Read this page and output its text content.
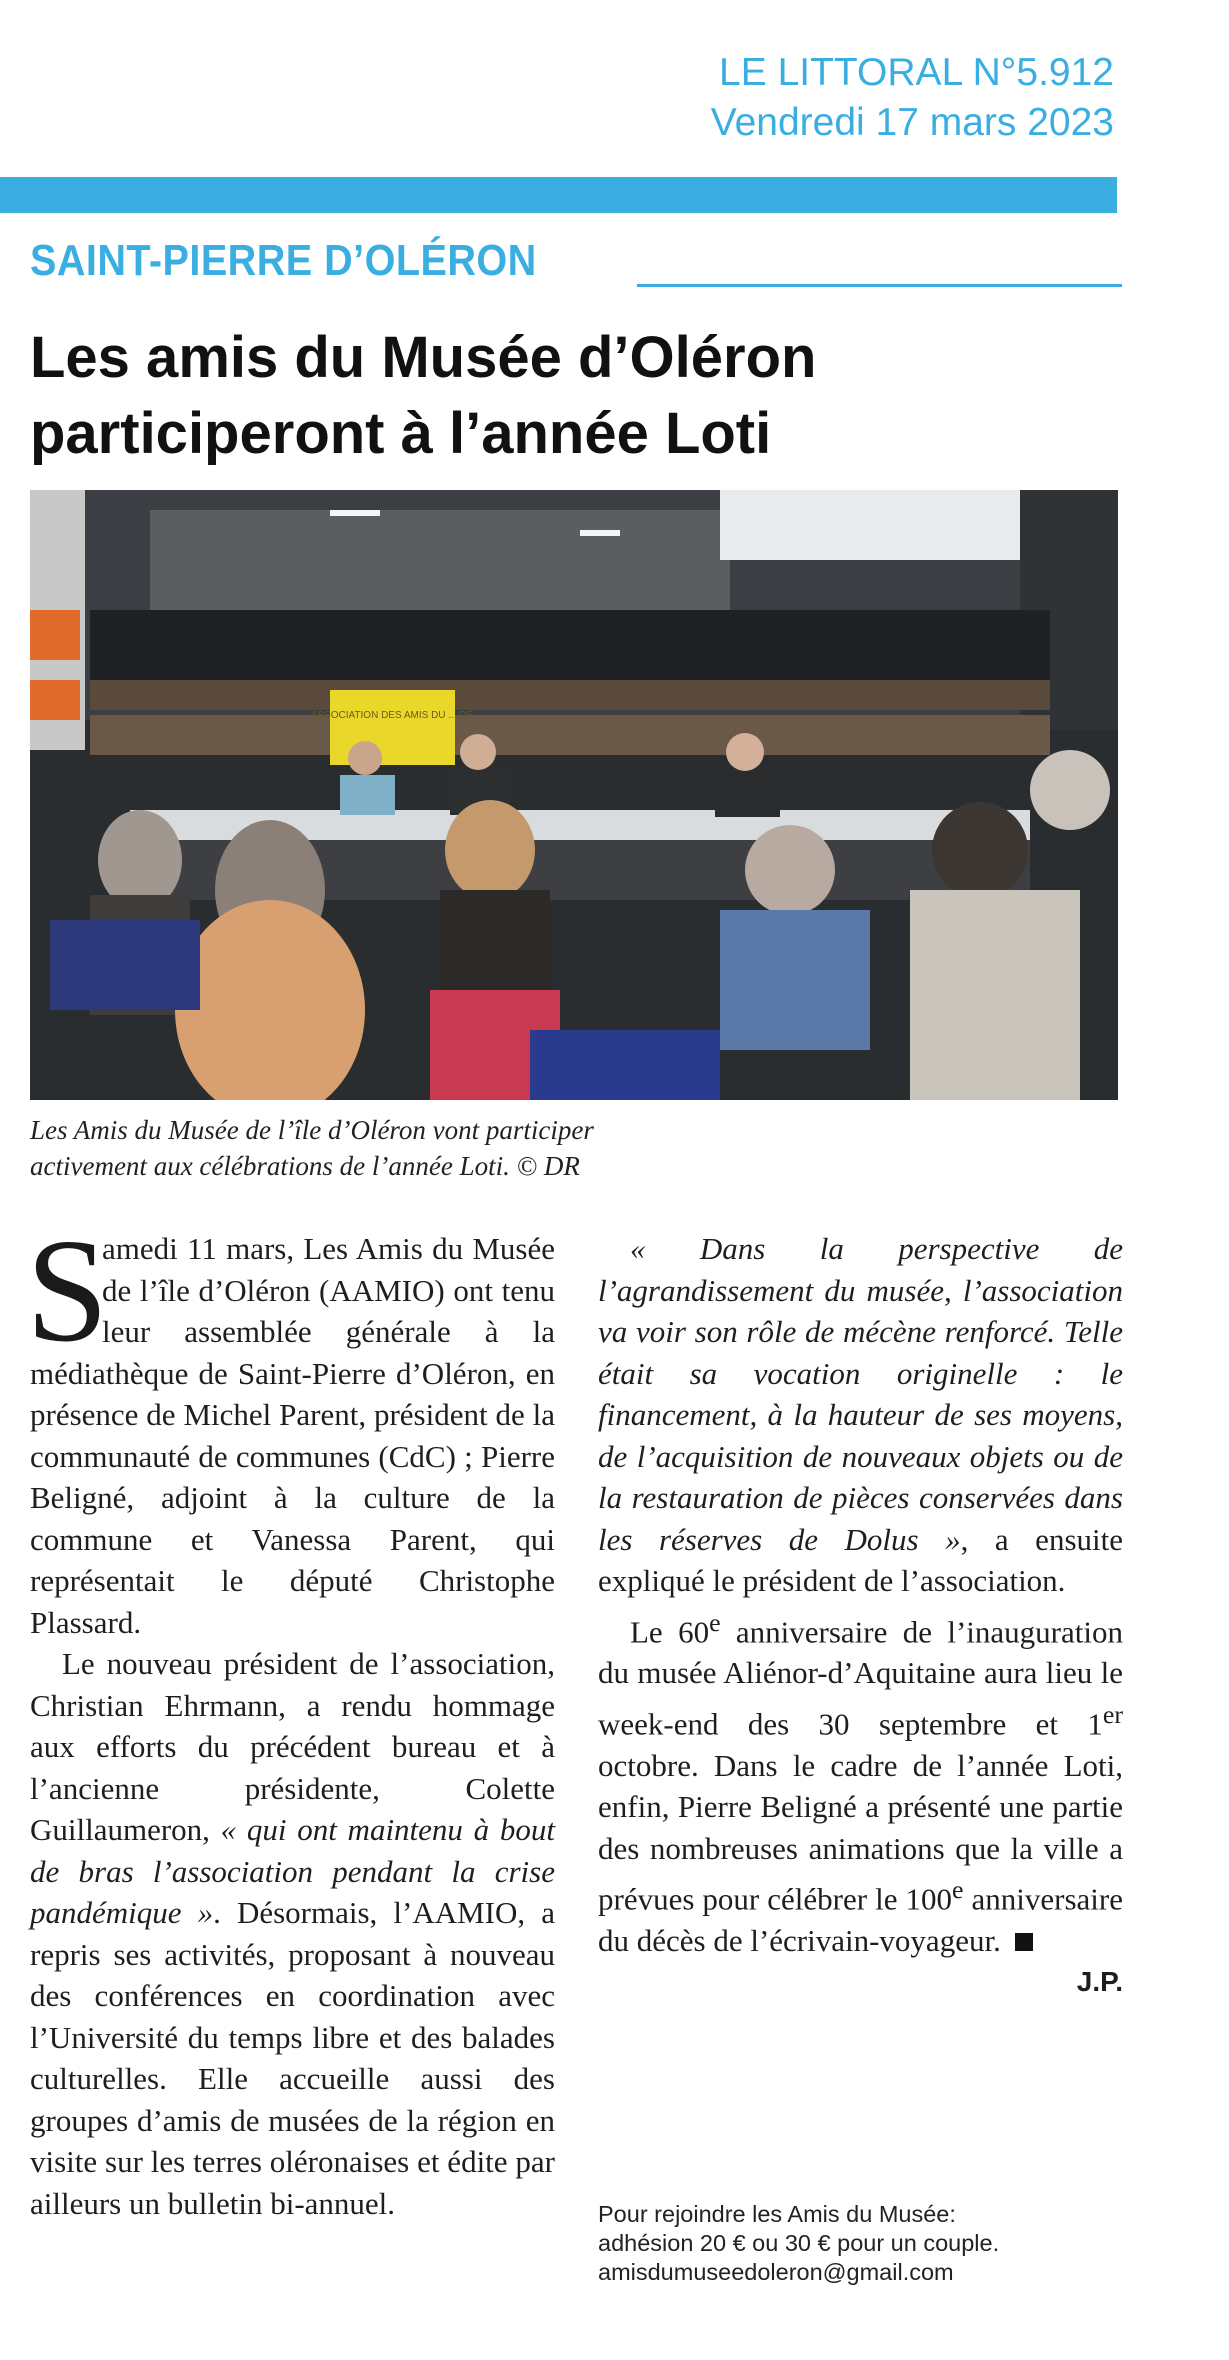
LE LITTORAL N°5.912
Vendredi 17 mars 2023
SAINT-PIERRE D’OLÉRON
Les amis du Musée d’Oléron
participeront à l’année Loti
ASSOCIATION DES AMIS DU ... DE
Les Amis du Musée de l’île d’Oléron vont participer
activement aux célébrations de l’année Loti. © DR

S
amedi 11 mars, Les Amis du Musée de l’île d’Oléron (AAMIO) ont tenu leur assemblée générale à la médiathèque de Saint-Pierre d’Oléron, en présence de Michel Parent, président de la communauté de communes (CdC) ; Pierre Beligné, adjoint à la culture de la commune et Vanessa Parent, qui représentait le député Christophe Plassard.

Le nouveau président de l’association, Christian Ehrmann, a rendu hommage aux efforts du précédent bureau et à l’ancienne présidente, Colette Guillaumeron, « qui ont maintenu à bout de bras l’association pendant la crise pandémique ». Désormais, l’AAMIO, a repris ses activités, proposant à nouveau des conférences en coordination avec l’Université du temps libre et des balades culturelles. Elle accueille aussi des groupes d’amis de musées de la région en visite sur les terres oléronaises et édite par ailleurs un bulletin bi-annuel.

« Dans la perspective de l’agrandissement du musée, l’association va voir son rôle de mécène renforcé. Telle était sa vocation originelle : le financement, à la hauteur de ses moyens, de l’acquisition de nouveaux objets ou de la restauration de pièces conservées dans les réserves de Dolus », a ensuite expliqué le président de l’association.

Le 60e anniversaire de l’inauguration du musée Aliénor-d’Aquitaine aura lieu le week-end des 30 septembre et 1er octobre. Dans le cadre de l’année Loti, enfin, Pierre Beligné a présenté une partie des nombreuses animations que la ville a prévues pour célébrer le 100e anniversaire du décès de l’écrivain-voyageur.

J.P.
Pour rejoindre les Amis du Musée:
adhésion 20 € ou 30 € pour un couple.
amisdumuseedoleron@gmail.com
